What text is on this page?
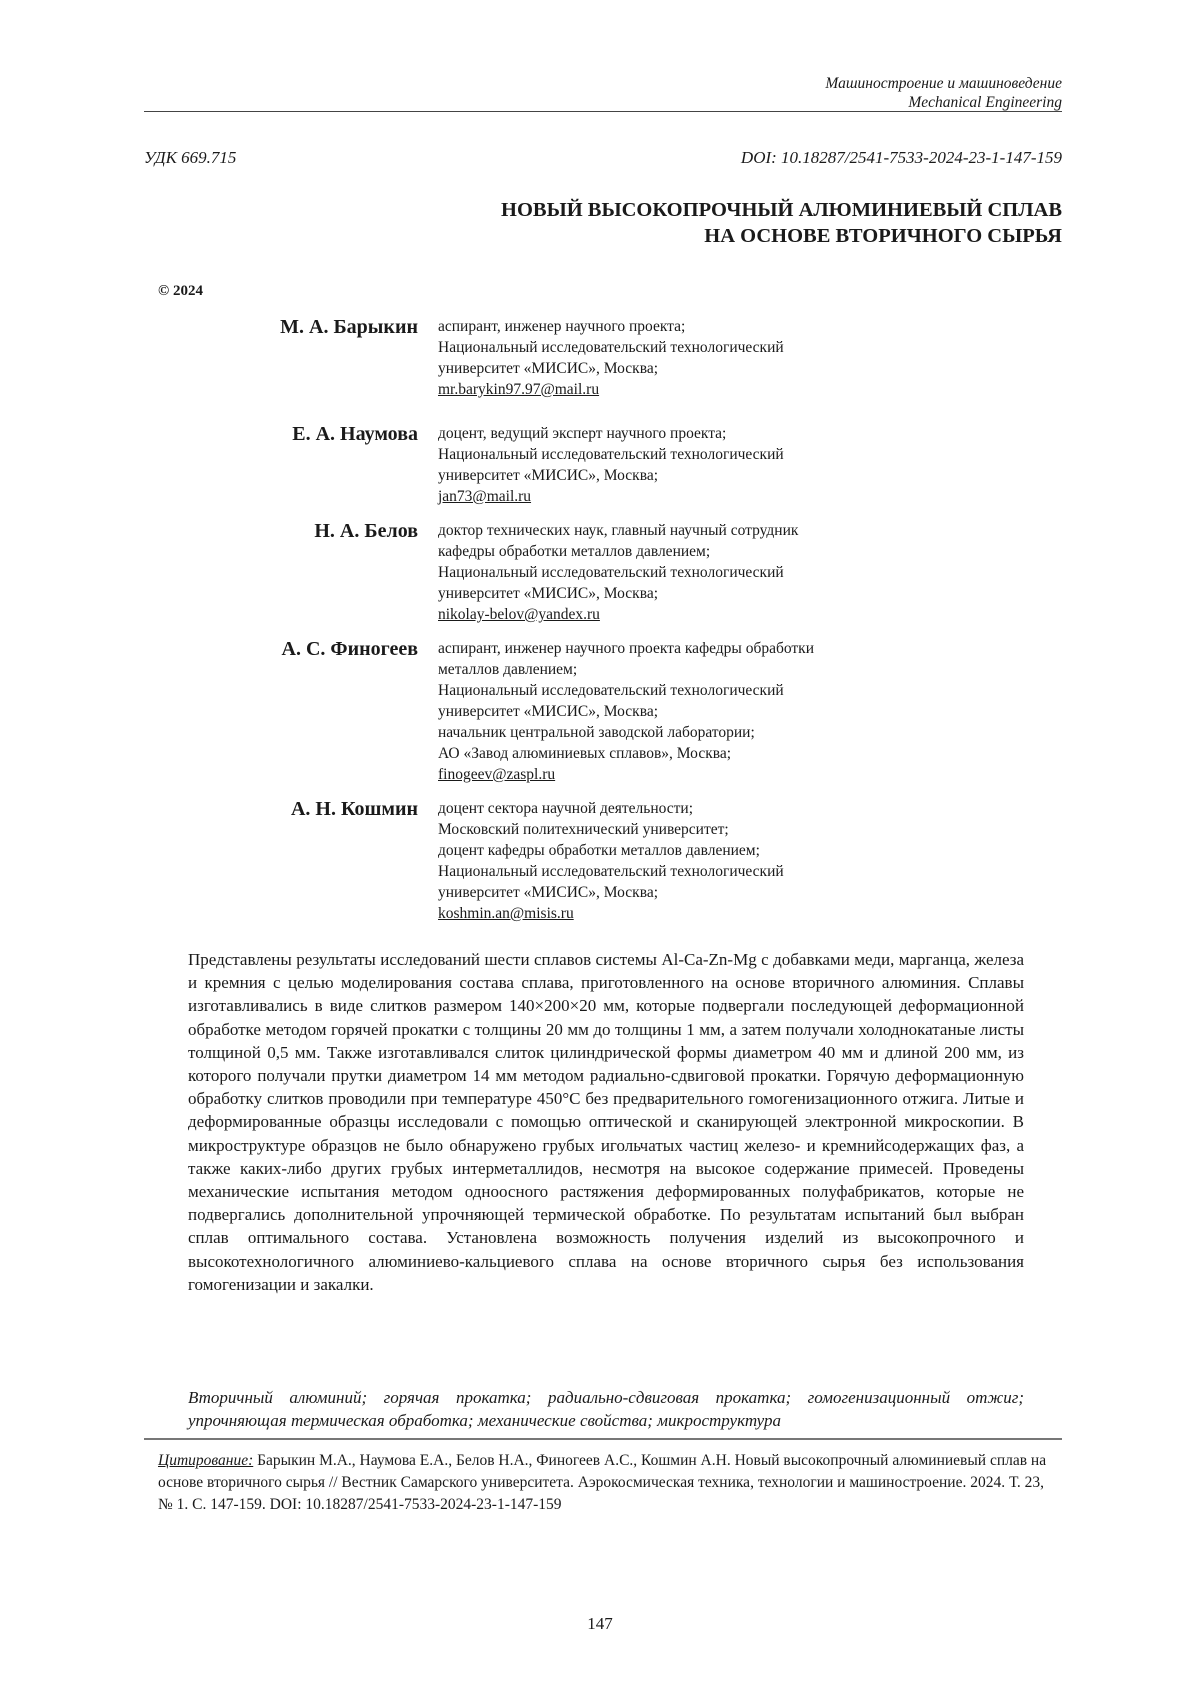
Машиностроение и машиноведение
Mechanical Engineering
УДК 669.715	DOI: 10.18287/2541-7533-2024-23-1-147-159
НОВЫЙ ВЫСОКОПРОЧНЫЙ АЛЮМИНИЕВЫЙ СПЛАВ
НА ОСНОВЕ ВТОРИЧНОГО СЫРЬЯ
© 2024
М. А. Барыкин	аспирант, инженер научного проекта;
Национальный исследовательский технологический
университет «МИСИС», Москва;
mr.barykin97.97@mail.ru
Е. А. Наумова	доцент, ведущий эксперт научного проекта;
Национальный исследовательский технологический
университет «МИСИС», Москва;
jan73@mail.ru
Н. А. Белов	доктор технических наук, главный научный сотрудник
кафедры обработки металлов давлением;
Национальный исследовательский технологический
университет «МИСИС», Москва;
nikolay-belov@yandex.ru
А. С. Финогеев	аспирант, инженер научного проекта кафедры обработки
металлов давлением;
Национальный исследовательский технологический
университет «МИСИС», Москва;
начальник центральной заводской лаборатории;
АО «Завод алюминиевых сплавов», Москва;
finogeev@zaspl.ru
А. Н. Кошмин	доцент сектора научной деятельности;
Московский политехнический университет;
доцент кафедры обработки металлов давлением;
Национальный исследовательский технологический
университет «МИСИС», Москва;
koshmin.an@misis.ru

Представлены результаты исследований шести сплавов системы Al-Ca-Zn-Mg с добавками меди, марганца, железа и кремния с целью моделирования состава сплава, приготовленного на основе вторичного алюминия. Сплавы изготавливались в виде слитков размером 140×200×20 мм, которые подвергали последующей деформационной обработке методом горячей прокатки с толщины 20 мм до толщины 1 мм, а затем получали холоднокатаные листы толщиной 0,5 мм. Также изготавливался слиток цилиндрической формы диаметром 40 мм и длиной 200 мм, из которого получали прутки диаметром 14 мм методом радиально-сдвиговой прокатки. Горячую деформационную обработку слитков проводили при температуре 450°С без предварительного гомогенизационного отжига. Литые и деформированные образцы исследовали с помощью оптической и сканирующей электронной микроскопии. В микроструктуре образцов не было обнаружено грубых игольчатых частиц железо- и кремнийсодержащих фаз, а также каких-либо других грубых интерметаллидов, несмотря на высокое содержание примесей. Проведены механические испытания методом одноосного растяжения деформированных полуфабрикатов, которые не подвергались дополнительной упрочняющей термической обработке. По результатам испытаний был выбран сплав оптимального состава. Установлена возможность получения изделий из высокопрочного и высокотехнологичного алюминиево-кальциевого сплава на основе вторичного сырья без использования гомогенизации и закалки.

Вторичный алюминий; горячая прокатка; радиально-сдвиговая прокатка; гомогенизационный отжиг; упрочняющая термическая обработка; механические свойства; микроструктура

Цитирование: Барыкин М.А., Наумова Е.А., Белов Н.А., Финогеев А.С., Кошмин А.Н. Новый высокопрочный алюминиевый сплав на основе вторичного сырья // Вестник Самарского университета. Аэрокосмическая техника, технологии и машиностроение. 2024. Т. 23, № 1. С. 147-159. DOI: 10.18287/2541-7533-2024-23-1-147-159
147
